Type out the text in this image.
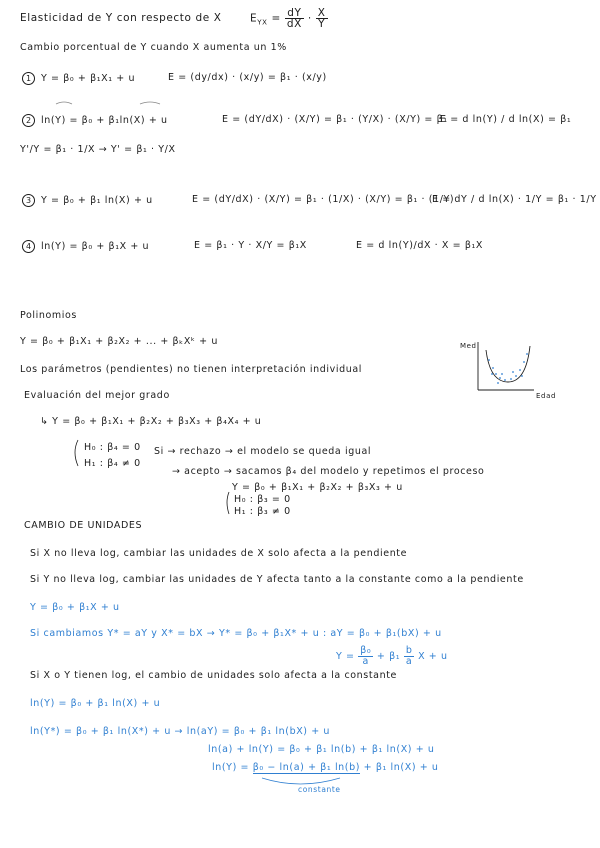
Elasticidad de Y con respecto de X	$E_{YX} = \frac{dY}{dX} \cdot \frac{X}{Y}$
Cambio porcentual de Y cuando X aumenta un 1%
1 Y = β₀ + β₁X₁ + u	E = (dy/dx) · (x/y) = β₁ · (x/y)
2 ln(Y) = β₀ + β₁ln(X) + u	E = (dY/dX) · (X/Y) = β₁ · (Y/X) · (X/Y) = β₁
E = d ln(Y) / d ln(X) = β₁
Y'/Y = β₁ · 1/X → Y' = β₁ · Y/X
3 Y = β₀ + β₁ ln(X) + u	E = (dY/dX) · (X/Y) = β₁ · (1/X) · (X/Y) = β₁ · (1/Y)
E = dY / d ln(X) · 1/Y = β₁ · 1/Y
4 ln(Y) = β₀ + β₁X + u	E = β₁ · Y · X/Y = β₁X	E = d ln(Y)/dX · X = β₁X
Polinomios
Y = β₀ + β₁X₁ + β₂X₂ + ... + βₖXᵏ + u
Los parámetros (pendientes) no tienen interpretación individual
Evaluación del mejor grado
↳ Y = β₀ + β₁X₁ + β₂X₂ + β₃X₃ + β₄X₄ + u
H₀ : β₄ = 0
H₁ : β₄ ≠ 0
Si → rechazo → el modelo se queda igual
→ acepto → sacamos β₄ del modelo y repetimos el proceso
Y = β₀ + β₁X₁ + β₂X₂ + β₃X₃ + u
H₀ : β₃ = 0
H₁ : β₃ ≠ 0
Med
Edad
CAMBIO DE UNIDADES
Si X no lleva log, cambiar las unidades de X solo afecta a la pendiente
Si Y no lleva log, cambiar las unidades de Y afecta tanto a la constante como a la pendiente
Y = β₀ + β₁X + u
Si cambiamos Y* = aY y X* = bX → Y* = β₀ + β₁X* + u : aY = β₀ + β₁(bX) + u
$Y = \frac{\text{β₀}}{a} + \beta_1 \frac{b}{a}$ X + u
Si X o Y tienen log, el cambio de unidades solo afecta a la constante
ln(Y) = β₀ + β₁ ln(X) + u
ln(Y*) = β₀ + β₁ ln(X*) + u → ln(aY) = β₀ + β₁ ln(bX) + u
ln(a) + ln(Y) = β₀ + β₁ ln(b) + β₁ ln(X) + u
ln(Y) = β₀ − ln(a) + β₁ ln(b) + β₁ ln(X) + u
constante
